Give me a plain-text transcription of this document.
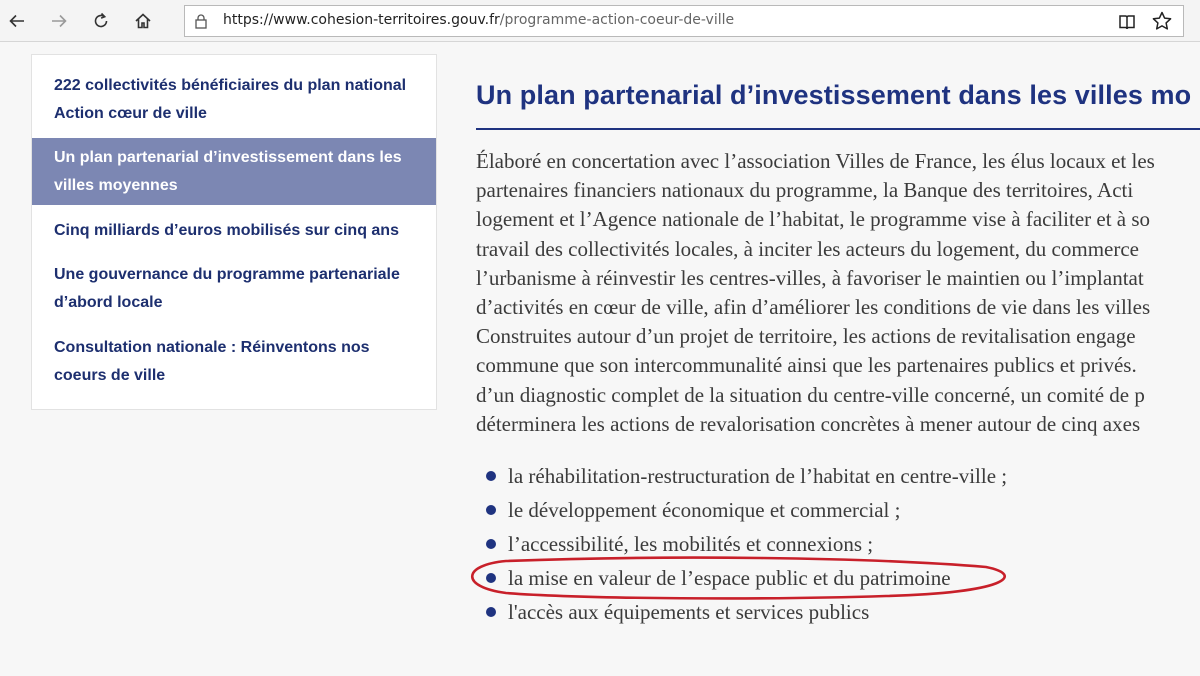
https://www.cohesion-territoires.gouv.fr/programme-action-coeur-de-ville
222 collectivités bénéficiaires du plan national Action cœur de ville
Un plan partenarial d’investissement dans les villes moyennes
Cinq milliards d’euros mobilisés sur cinq ans
Une gouvernance du programme partenariale d’abord locale
Consultation nationale : Réinventons nos coeurs de ville
Un plan partenarial d’investissement dans les villes mo
Élaboré en concertation avec l’association Villes de France, les élus locaux et les
partenaires financiers nationaux du programme, la Banque des territoires, Acti
logement et l’Agence nationale de l’habitat, le programme vise à faciliter et à so
travail des collectivités locales, à inciter les acteurs du logement, du commerce
l’urbanisme à réinvestir les centres-villes, à favoriser le maintien ou l’implantat
d’activités en cœur de ville, afin d’améliorer les conditions de vie dans les villes
Construites autour d’un projet de territoire, les actions de revitalisation engage
commune que son intercommunalité ainsi que les partenaires publics et privés.
d’un diagnostic complet de la situation du centre-ville concerné, un comité de p
déterminera les actions de revalorisation concrètes à mener autour de cinq axes
la réhabilitation-restructuration de l’habitat en centre-ville ;
le développement économique et commercial ;
l’accessibilité, les mobilités et connexions ;
la mise en valeur de l’espace public et du patrimoine
l'accès aux équipements et services publics
